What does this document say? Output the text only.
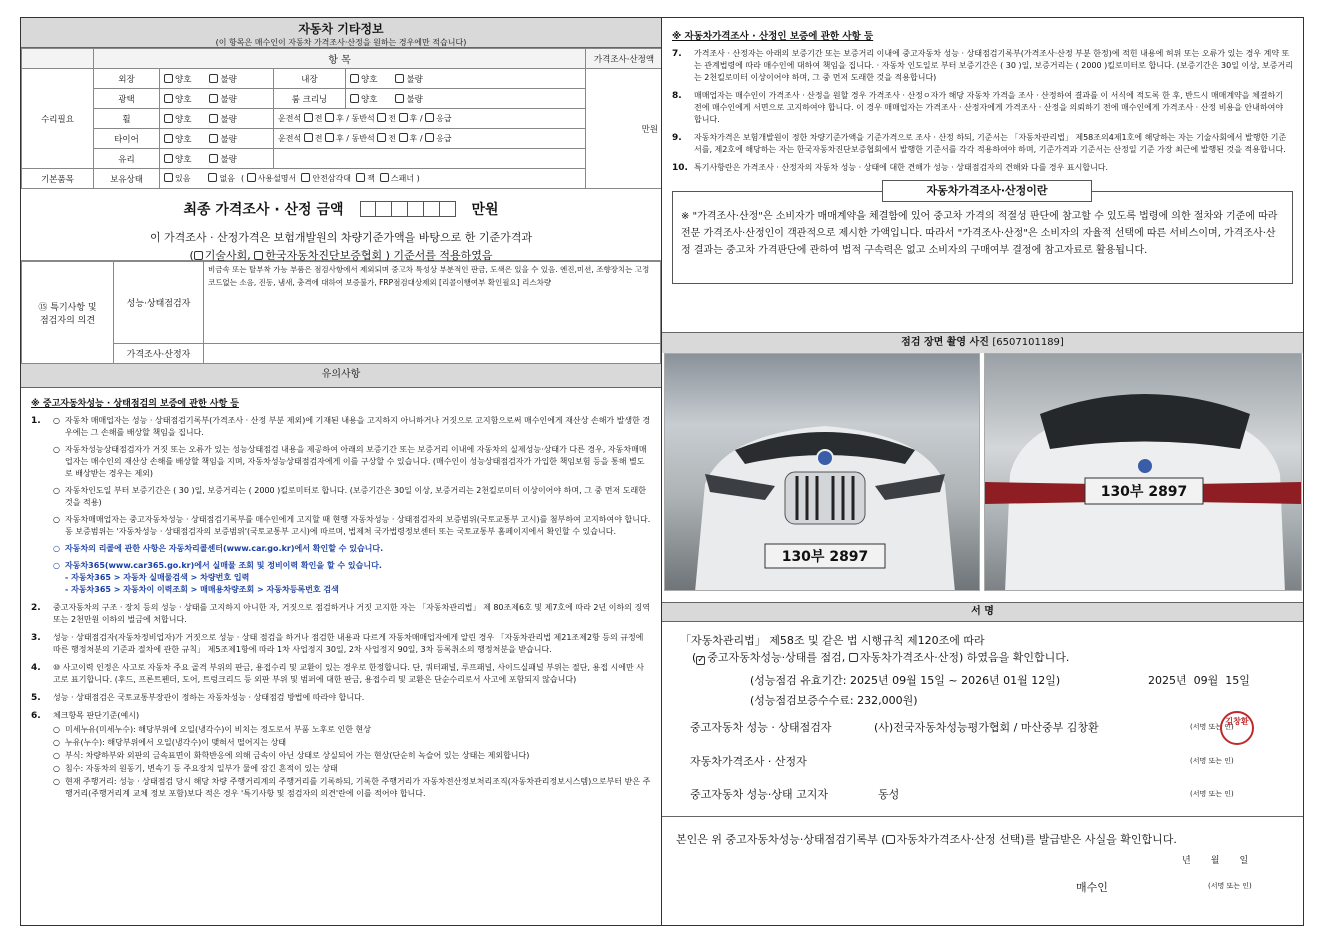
자동차 기타정보
(이 항목은 매수인이 자동차 가격조사·산정을 원하는 경우에만 적습니다)
	항 목				가격조사·산정액
수리필요	외장	양호 불량	내장	양호 불량	만원
	광택	양호 불량	룸 크리닝	양호 불량	
	휠	양호 불량	운전석 전 후 / 동반석 전 후 / 응급		
	타이어	양호 불량	운전석 전 후 / 동반석 전 후 / 응급		
	유리	양호 불량			
기본품목	보유상태	있음 없음 ( 사용설명서 안전삼각대 잭 스패너 )			
최종 가격조사 · 산정 금액	만원
이 가격조사 · 산정가격은 보험개발원의 차량기준가액을 바탕으로 한 기준가격과
( 기술사회, 한국자동차진단보증협회 ) 기준서를 적용하였음
⑮ 특기사항 및
점검자의 의견	성능·상태점검자	비금속 또는 탈부착 가능 부품은 점검사항에서 제외되며 중고차 특성상 부분적인 판금, 도색은 있을 수 있음. 엔진,미션, 조향장치는 고정코드없는 소음, 진동, 냄새, 충격에 대하여 보증불가, FRP점검대상제외 [리콜이행여부 확인필요] 리스차량
	가격조사·산정자	
유의사항
※ 중고자동차성능 · 상태점검의 보증에 관한 사항 등
1.	○ 자동차 매매업자는 성능 · 상태점검기록부(가격조사 · 산정 부분 제외)에 기재된 내용을 고지하지 아니하거나 거짓으로 고지함으로써 매수인에게 재산상 손해가 발생한 경우에는 그 손해를 배상할 책임을 집니다.
○ 자동차성능상태점검자가 거짓 또는 오류가 있는 성능상태점검 내용을 제공하여 아래의 보증기간 또는 보증거리 이내에 자동차의 실제성능·상태가 다른 경우, 자동차매매업자는 매수인의 재산상 손해를 배상할 책임을 지며, 자동차성능상태점검자에게 이를 구상할 수 있습니다. (매수인이 성능상태점검자가 가입한 책임보험 등을 통해 별도로 배상받는 경우는 제외)
○ 자동차인도일 부터 보증기간은 ( 30 )일, 보증거리는 ( 2000 )킬로미터로 합니다. (보증기간은 30일 이상, 보증거리는 2천킬로미터 이상이어야 하며, 그 중 먼저 도래한 것을 적용)
○ 자동차매매업자는 중고자동차성능 · 상태점검기록부를 매수인에게 고지할 때 현행 자동차성능 · 상태점검자의 보증범위(국토교통부 고시)를 첨부하여 고지하여야 합니다. 동 보증범위는 '자동차성능 · 상태점검자의 보증범위'(국토교통부 고시)에 따르며, 법제처 국가법령정보센터 또는 국토교통부 홈페이지에서 확인할 수 있습니다.
○ 자동차의 리콜에 관한 사항은 자동차리콜센터(www.car.go.kr)에서 확인할 수 있습니다.
○ 자동차365(www.car365.go.kr)에서 실매물 조회 및 정비이력 확인을 할 수 있습니다.
- 자동차365 > 자동차 실매물검색 > 차량번호 입력
- 자동차365 > 자동차이 이력조회 > 매매용차량조회 > 자동차등록번호 검색
2.	중고자동차의 구조 · 장치 등의 성능 · 상태를 고지하지 아니한 자, 거짓으로 점검하거나 거짓 고지한 자는 「자동차관리법」 제 80조제6호 및 제7호에 따라 2년 이하의 징역 또는 2천만원 이하의 벌금에 처합니다.
3.	성능 · 상태점검자(자동차정비업자)가 거짓으로 성능 · 상태 점검을 하거나 점검한 내용과 다르게 자동차매매업자에게 알린 경우 「자동차관리법 제21조제2항 등의 규정에 따른 행정처분의 기준과 절차에 관한 규칙」 제5조제1항에 따라 1차 사업정지 30일, 2차 사업정지 90일, 3차 등록취소의 행정처분을 받습니다.
4.	⑩ 사고이력 인정은 사고로 자동차 주요 골격 부위의 판금, 용접수리 및 교환이 있는 경우로 한정합니다. 단, 쿼터패널, 루프패널, 사이드실패널 부위는 절단, 용접 시에만 사고로 표기합니다. (후드, 프론트펜더, 도어, 트렁크리드 등 외판 부위 및 범퍼에 대한 판금, 용접수리 및 교환은 단순수리로서 사고에 포함되지 않습니다)
5.	성능 · 상태점검은 국토교통부장관이 정하는 자동차성능 · 상태점검 방법에 따라야 합니다.
6.	체크항목 판단기준(예시)
○ 미세누유(미세누수): 해당부위에 오일(냉각수)이 비치는 정도로서 부품 노후로 인한 현상
○ 누유(누수): 해당부위에서 오일(냉각수)이 맺혀서 떨어지는 상태
○ 부식: 차량하부와 외판의 금속표면이 화학반응에 의해 금속이 아닌 상태로 상실되어 가는 현상(단순히 녹슬어 있는 상태는 제외합니다)
○ 침수: 자동차의 원동기, 변속기 등 주요장치 일부가 물에 잠긴 흔적이 있는 상태
○ 현재 주행거리: 성능 · 상태점검 당시 해당 차량 주행거리계의 주행거리를 기록하되, 기록한 주행거리가 자동차전산정보처리조직(자동차관리정보시스템)으로부터 받은 주행거리(주행거리계 교체 정보 포함)보다 적은 경우 '특기사항 및 점검자의 의견'란에 이를 적어야 합니다.
※ 자동차가격조사 · 산정인 보증에 관한 사항 등
7.	가격조사 · 산정자는 아래의 보증기간 또는 보증거리 이내에 중고자동차 성능 · 상태점검기록부(가격조사·산정 부분 한정)에 적힌 내용에 허위 또는 오류가 있는 경우 계약 또는 관계법령에 따라 매수인에 대하여 책임을 집니다. · 자동차 인도일로 부터 보증기간은 ( 30 )일, 보증거리는 ( 2000 )킬로미터로 합니다. (보증기간은 30일 이상, 보증거리는 2천킬로미터 이상이어야 하며, 그 중 먼저 도래한 것을 적용합니다)
8.	매매업자는 매수인이 가격조사 · 산정을 원할 경우 가격조사 · 산정ㅇ자가 해당 자동차 가격을 조사 · 산정하여 결과를 이 서식에 적도록 한 후, 반드시 매매계약을 체결하기 전에 매수인에게 서면으로 고지하여야 합니다. 이 경우 매매업자는 가격조사 · 산정자에게 가격조사 · 산정을 의뢰하기 전에 매수인에게 가격조사 · 산정 비용을 안내하여야 합니다.
9.	자동차가격은 보험개발원이 정한 차량기준가액을 기준가격으로 조사 · 산정 하되, 기준서는 「자동차관리법」 제58조의4제1호에 해당하는 자는 기술사회에서 발행한 기준서를, 제2호에 해당하는 자는 한국자동차진단보증협회에서 발행한 기준서를 각각 적용하여야 하며, 기준가격과 기준서는 산정일 기준 가장 최근에 발행된 것을 적용합니다.
10. 특기사항란은 가격조사 · 산정자의 자동차 성능 · 상태에 대한 견해가 성능 · 상태점검자의 견해와 다를 경우 표시합니다.
자동차가격조사·산정이란
※ "가격조사·산정"은 소비자가 매매계약을 체결함에 있어 중고차 가격의 적절성 판단에 참고할 수 있도록 법령에 의한 절차와 기준에 따라 전문 가격조사·산정인이 객관적으로 제시한 가액입니다. 따라서 "가격조사·산정"은 소비자의 자율적 선택에 따른 서비스이며, 가격조사·산정 결과는 중고차 가격판단에 관하여 법적 구속력은 없고 소비자의 구매여부 결정에 참고자료로 활용됩니다.
점검 장면 촬영 사진 [6507101189]
130부 2897
130부 2897
서 명
「자동차관리법」 제58조 및 같은 법 시행규칙 제120조에 따라
( ✓ 중고자동차성능·상태를 점검, 자동차가격조사·산정) 하였음을 확인합니다.
(성능점검 유효기간: 2025년 09월 15일 ~ 2026년 01월 12일)	2025년 09월 15일
(성능점검보증수수료: 232,000원)
중고자동차 성능 · 상태점검자	(사)전국자동차성능평가협회 / 마산중부 김창환	(서명 또는 인)
김창환
자동차가격조사 · 산정자	(서명 또는 인)
중고자동차 성능·상태 고지자	동성	(서명 또는 인)
본인은 위 중고자동차성능·상태점검기록부 ( 자동차가격조사·산정 선택)를 발급받은 사실을 확인합니다.
년 월 일
매수인	(서명 또는 인)
